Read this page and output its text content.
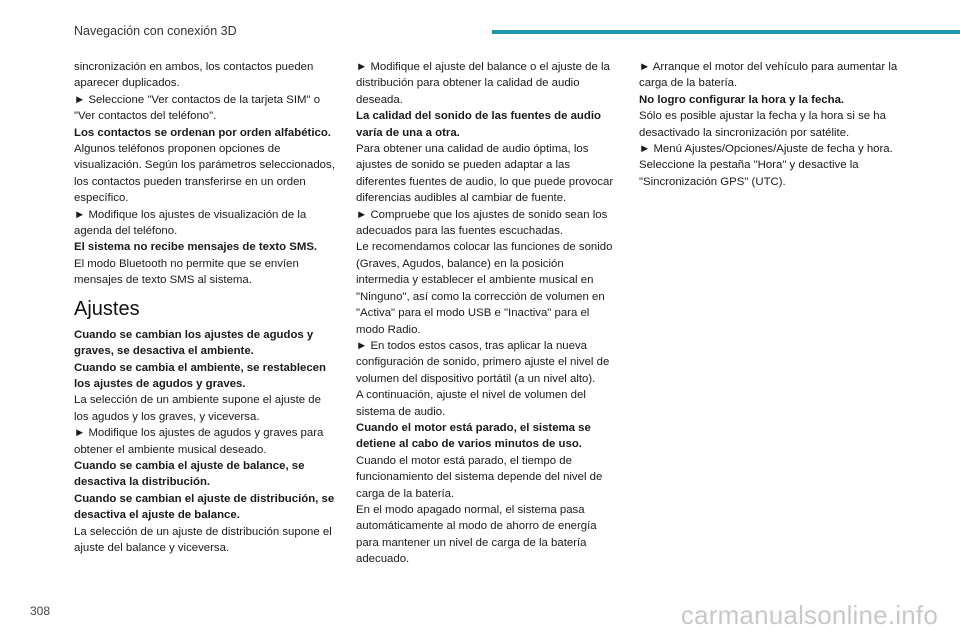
Navegación con conexión 3D

sincronización en ambos, los contactos pueden aparecer duplicados.

► Seleccione "Ver contactos de la tarjeta SIM" o "Ver contactos del teléfono".

Los contactos se ordenan por orden alfabético.

Algunos teléfonos proponen opciones de visualización. Según los parámetros seleccionados, los contactos pueden transferirse en un orden específico.

► Modifique los ajustes de visualización de la agenda del teléfono.

El sistema no recibe mensajes de texto SMS.

El modo Bluetooth no permite que se envíen mensajes de texto SMS al sistema.

Ajustes

Cuando se cambian los ajustes de agudos y graves, se desactiva el ambiente.

Cuando se cambia el ambiente, se restablecen los ajustes de agudos y graves.

La selección de un ambiente supone el ajuste de los agudos y los graves, y viceversa.

► Modifique los ajustes de agudos y graves para obtener el ambiente musical deseado.

Cuando se cambia el ajuste de balance, se desactiva la distribución.

Cuando se cambian el ajuste de distribución, se desactiva el ajuste de balance.

La selección de un ajuste de distribución supone el ajuste del balance y viceversa.

► Modifique el ajuste del balance o el ajuste de la distribución para obtener la calidad de audio deseada.

La calidad del sonido de las fuentes de audio varía de una a otra.

Para obtener una calidad de audio óptima, los ajustes de sonido se pueden adaptar a las diferentes fuentes de audio, lo que puede provocar diferencias audibles al cambiar de fuente.

► Compruebe que los ajustes de sonido sean los adecuados para las fuentes escuchadas.

Le recomendamos colocar las funciones de sonido (Graves, Agudos, balance) en la posición intermedia y establecer el ambiente musical en "Ninguno", así como la corrección de volumen en "Activa" para el modo USB e "Inactiva" para el modo Radio.

► En todos estos casos, tras aplicar la nueva configuración de sonido, primero ajuste el nivel de volumen del dispositivo portátil (a un nivel alto).

A continuación, ajuste el nivel de volumen del sistema de audio.

Cuando el motor está parado, el sistema se detiene al cabo de varios minutos de uso.

Cuando el motor está parado, el tiempo de funcionamiento del sistema depende del nivel de carga de la batería.

En el modo apagado normal, el sistema pasa automáticamente al modo de ahorro de energía para mantener un nivel de carga de la batería adecuado.

► Arranque el motor del vehículo para aumentar la carga de la batería.

No logro configurar la hora y la fecha.

Sólo es posible ajustar la fecha y la hora si se ha desactivado la sincronización por satélite.

► Menú Ajustes/Opciones/Ajuste de fecha y hora. Seleccione la pestaña "Hora" y desactive la "Sincronización GPS" (UTC).

308	carmanualsonline.info
